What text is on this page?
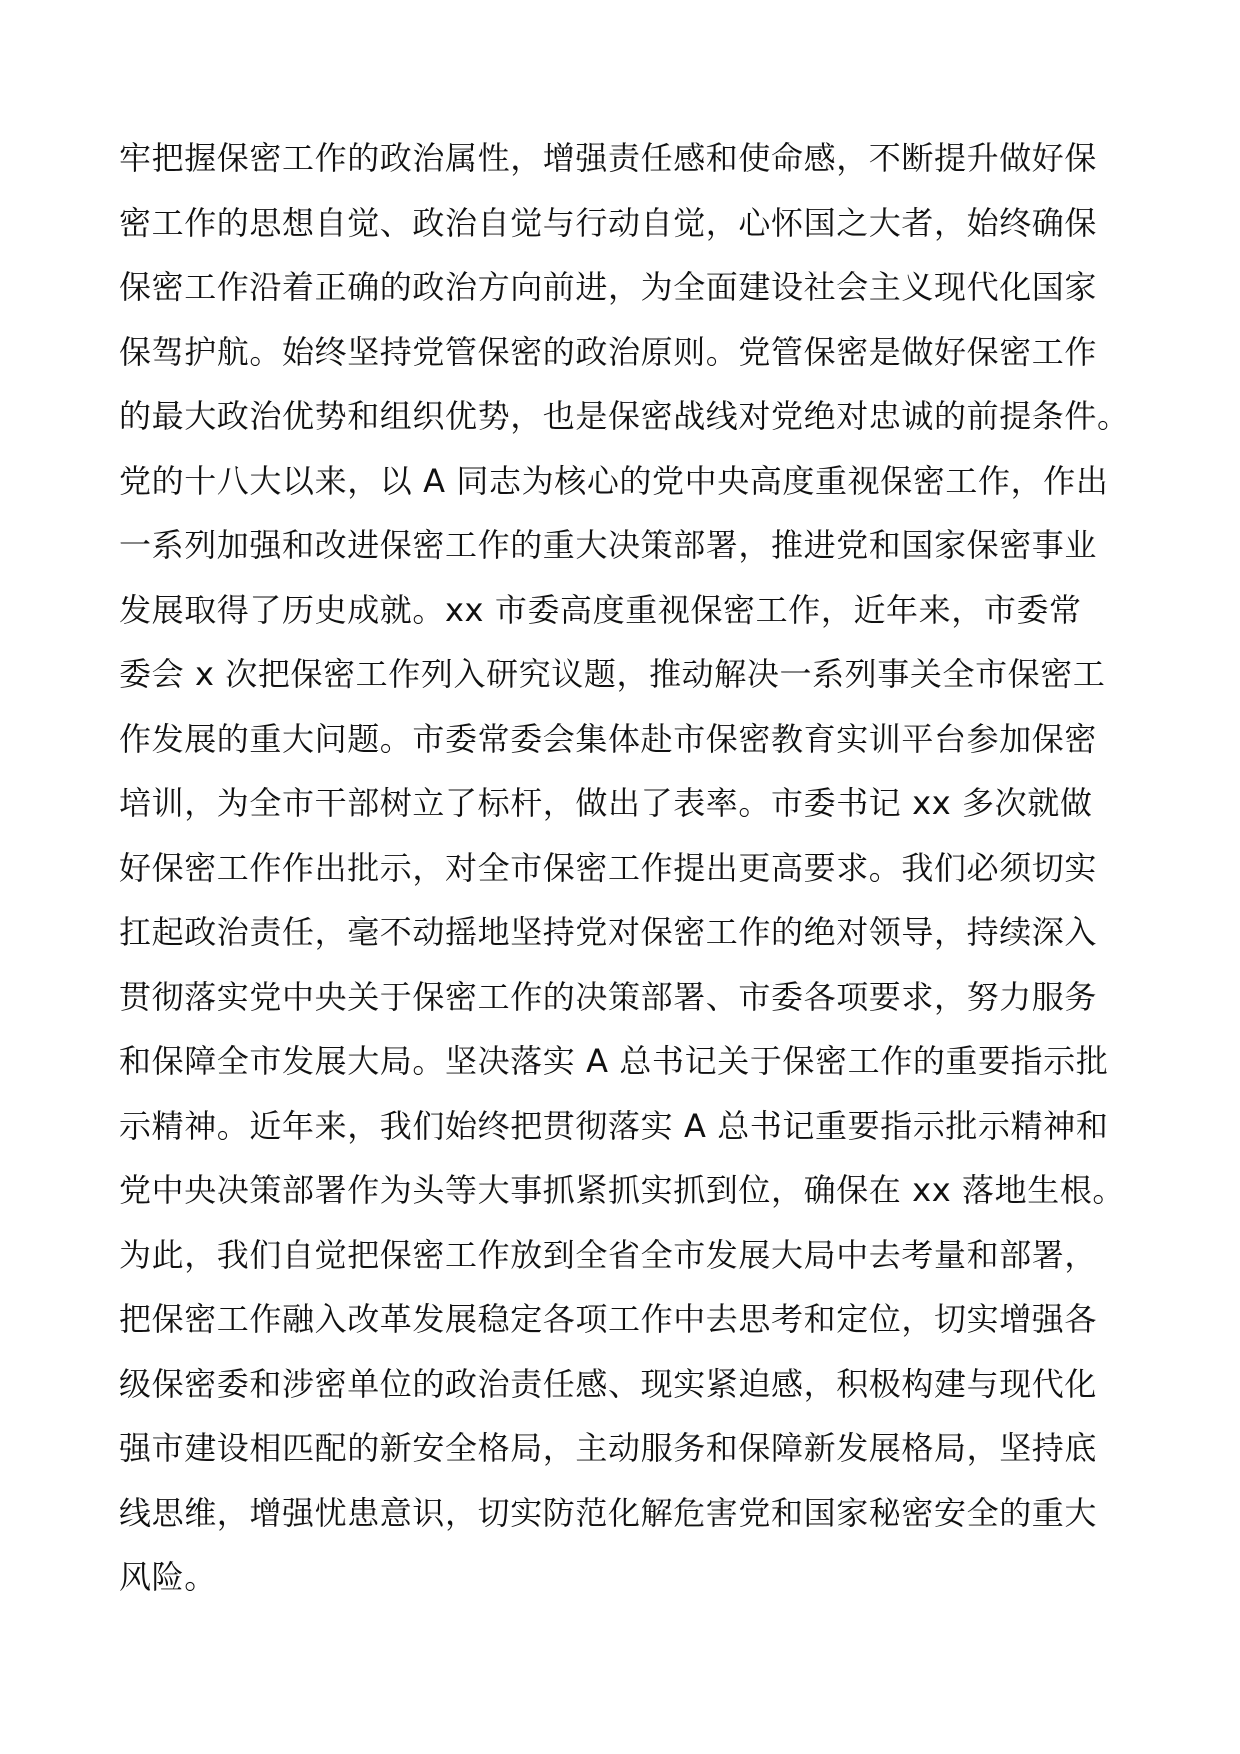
牢把握保密工作的政治属性，增强责任感和使命感，不断提升做好保
密工作的思想自觉、政治自觉与行动自觉，心怀国之大者，始终确保
保密工作沿着正确的政治方向前进，为全面建设社会主义现代化国家
保驾护航。始终坚持党管保密的政治原则。党管保密是做好保密工作
的最大政治优势和组织优势，也是保密战线对党绝对忠诚的前提条件。
党的十八大以来，以 A 同志为核心的党中央高度重视保密工作，作出
一系列加强和改进保密工作的重大决策部署，推进党和国家保密事业
发展取得了历史成就。xx 市委高度重视保密工作，近年来，市委常
委会 x 次把保密工作列入研究议题，推动解决一系列事关全市保密工
作发展的重大问题。市委常委会集体赴市保密教育实训平台参加保密
培训，为全市干部树立了标杆，做出了表率。市委书记 xx 多次就做
好保密工作作出批示，对全市保密工作提出更高要求。我们必须切实
扛起政治责任，毫不动摇地坚持党对保密工作的绝对领导，持续深入
贯彻落实党中央关于保密工作的决策部署、市委各项要求，努力服务
和保障全市发展大局。坚决落实 A 总书记关于保密工作的重要指示批
示精神。近年来，我们始终把贯彻落实 A 总书记重要指示批示精神和
党中央决策部署作为头等大事抓紧抓实抓到位，确保在 xx 落地生根。
为此，我们自觉把保密工作放到全省全市发展大局中去考量和部署，
把保密工作融入改革发展稳定各项工作中去思考和定位，切实增强各
级保密委和涉密单位的政治责任感、现实紧迫感，积极构建与现代化
强市建设相匹配的新安全格局，主动服务和保障新发展格局，坚持底
线思维，增强忧患意识，切实防范化解危害党和国家秘密安全的重大
风险。
